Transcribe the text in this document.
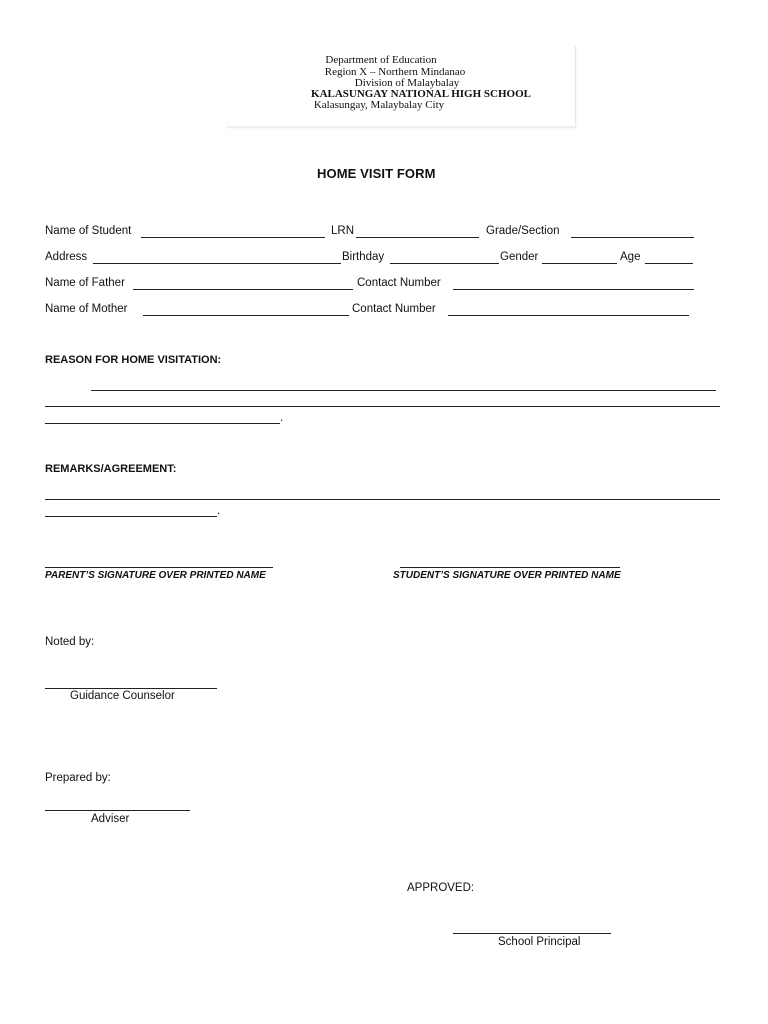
Department of Education
Region X – Northern Mindanao
Division of Malaybalay
KALASUNGAY NATIONAL HIGH SCHOOL
Kalasungay, Malaybalay City
HOME VISIT FORM
Name of Student	LRN	Grade/Section
Address	Birthday	Gender	Age
Name of Father	Contact Number
Name of Mother	Contact Number
REASON FOR HOME VISITATION:
.
REMARKS/AGREEMENT:
.
PARENT’S SIGNATURE OVER PRINTED NAME	STUDENT’S SIGNATURE OVER PRINTED NAME
Noted by:
Guidance Counselor
Prepared by:
Adviser
APPROVED:
School Principal
